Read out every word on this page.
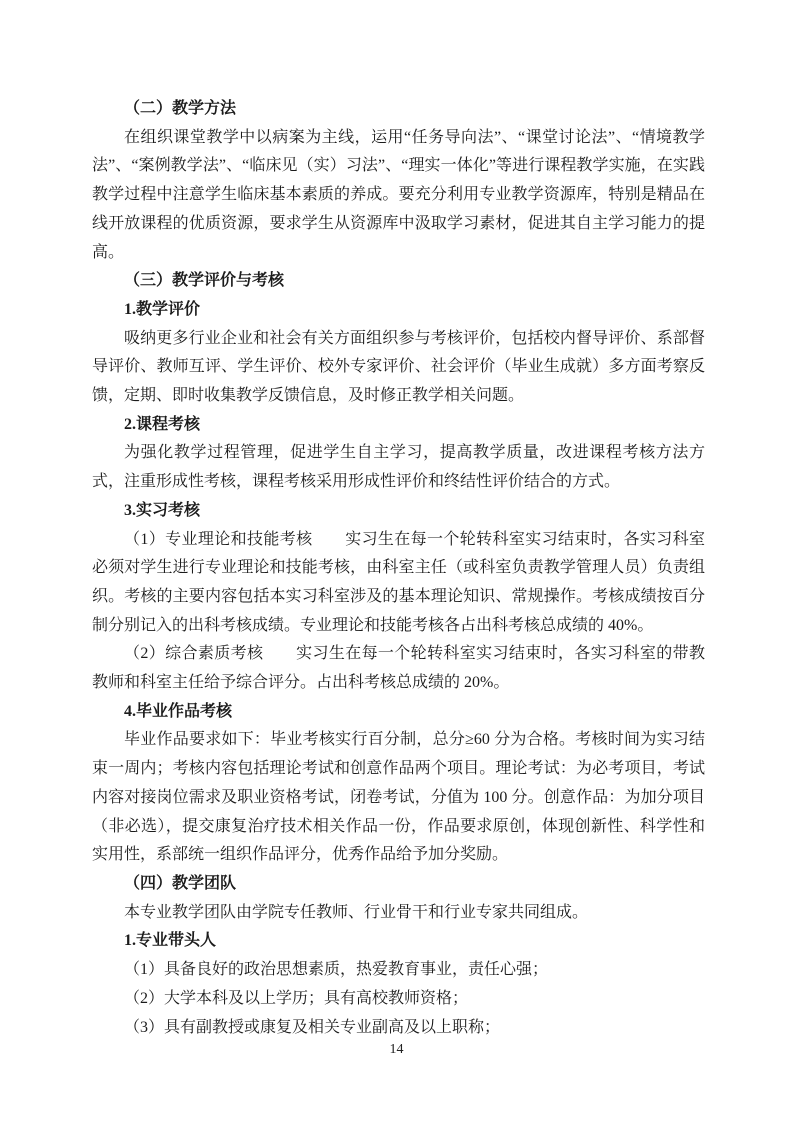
（二）教学方法

在组织课堂教学中以病案为主线，运用“任务导向法”、“课堂讨论法”、“情境教学法”、“案例教学法”、“临床见（实）习法”、“理实一体化”等进行课程教学实施，在实践教学过程中注意学生临床基本素质的养成。要充分利用专业教学资源库，特别是精品在线开放课程的优质资源，要求学生从资源库中汲取学习素材，促进其自主学习能力的提高。

（三）教学评价与考核

1.教学评价

吸纳更多行业企业和社会有关方面组织参与考核评价，包括校内督导评价、系部督导评价、教师互评、学生评价、校外专家评价、社会评价（毕业生成就）多方面考察反馈，定期、即时收集教学反馈信息，及时修正教学相关问题。

2.课程考核

为强化教学过程管理，促进学生自主学习，提高教学质量，改进课程考核方法方式，注重形成性考核，课程考核采用形成性评价和终结性评价结合的方式。

3.实习考核

（1）专业理论和技能考核　　实习生在每一个轮转科室实习结束时，各实习科室必须对学生进行专业理论和技能考核，由科室主任（或科室负责教学管理人员）负责组织。考核的主要内容包括本实习科室涉及的基本理论知识、常规操作。考核成绩按百分制分别记入的出科考核成绩。专业理论和技能考核各占出科考核总成绩的 40%。

（2）综合素质考核　　实习生在每一个轮转科室实习结束时，各实习科室的带教教师和科室主任给予综合评分。占出科考核总成绩的 20%。

4.毕业作品考核

毕业作品要求如下：毕业考核实行百分制，总分≥60 分为合格。考核时间为实习结束一周内；考核内容包括理论考试和创意作品两个项目。理论考试：为必考项目，考试内容对接岗位需求及职业资格考试，闭卷考试，分值为 100 分。创意作品：为加分项目（非必选），提交康复治疗技术相关作品一份，作品要求原创，体现创新性、科学性和实用性，系部统一组织作品评分，优秀作品给予加分奖励。

（四）教学团队

本专业教学团队由学院专任教师、行业骨干和行业专家共同组成。

1.专业带头人

（1）具备良好的政治思想素质，热爱教育事业，责任心强；

（2）大学本科及以上学历；具有高校教师资格；

（3）具有副教授或康复及相关专业副高及以上职称；

14
